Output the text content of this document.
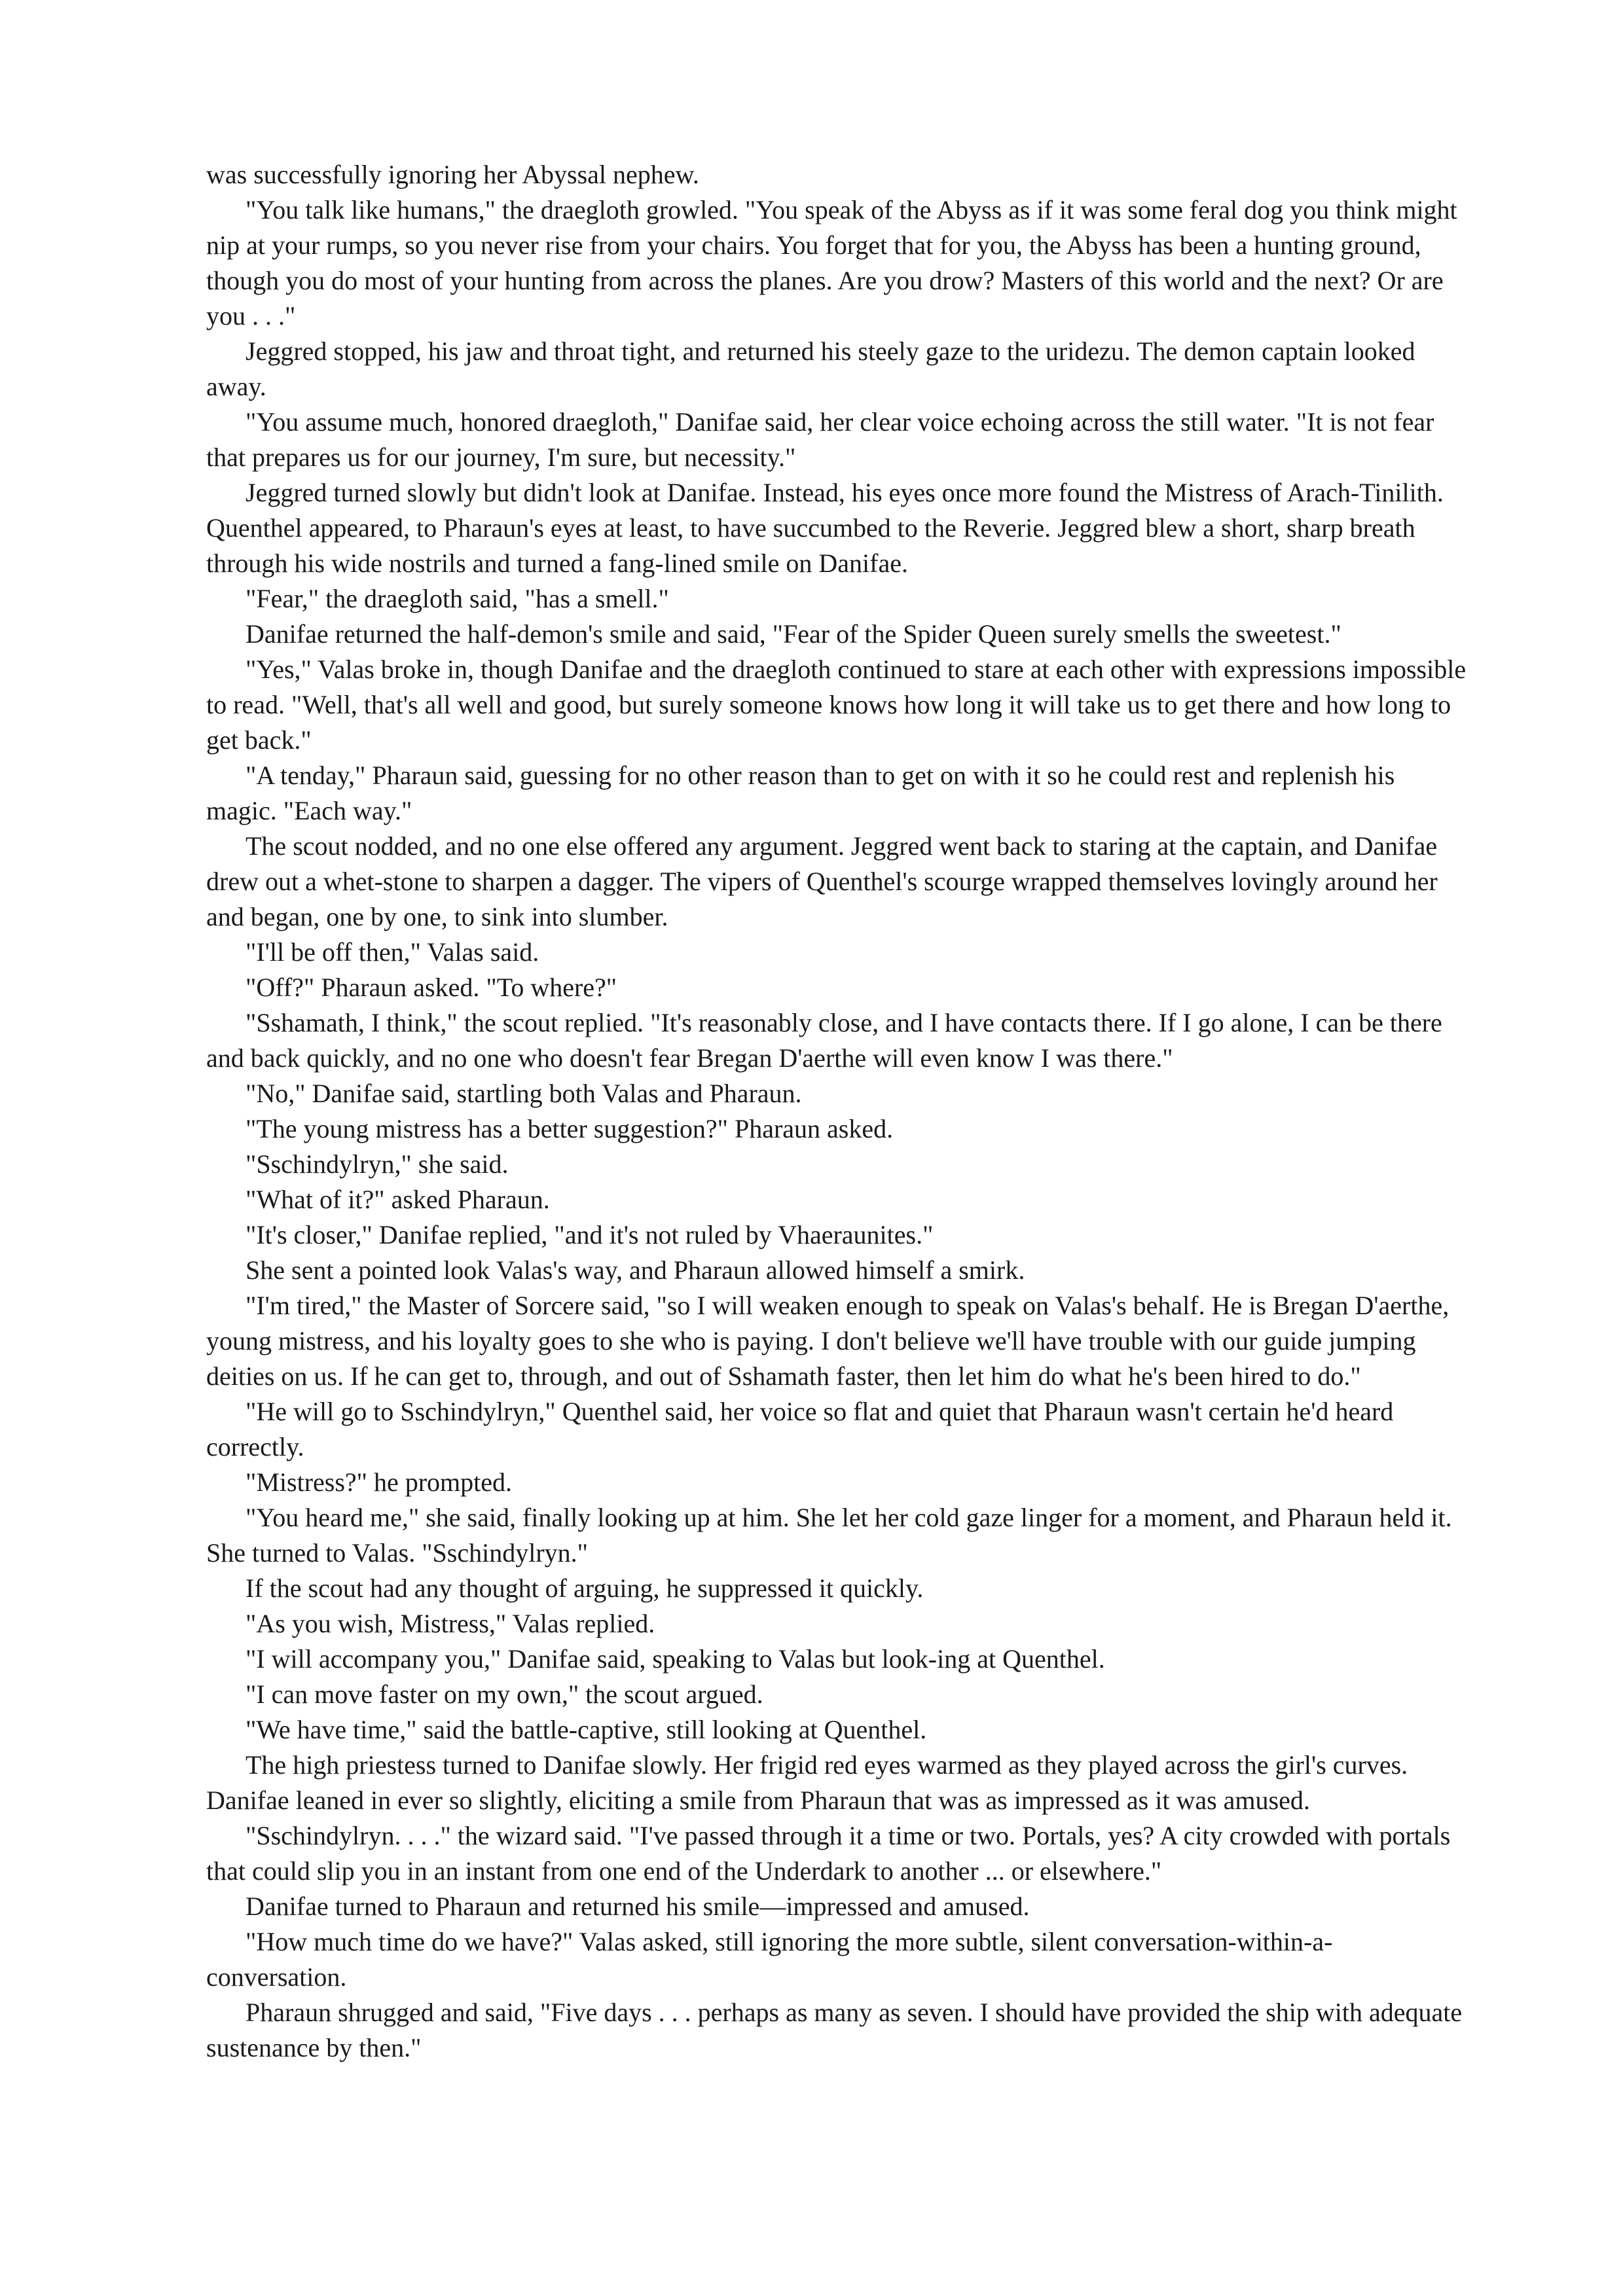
was successfully ignoring her Abyssal nephew.

"You talk like humans," the draegloth growled. "You speak of the Abyss as if it was some feral dog you think might nip at your rumps, so you never rise from your chairs. You forget that for you, the Abyss has been a hunting ground, though you do most of your hunting from across the planes. Are you drow? Masters of this world and the next? Or are you . . ."

Jeggred stopped, his jaw and throat tight, and returned his steely gaze to the uridezu. The demon captain looked away.

"You assume much, honored draegloth," Danifae said, her clear voice echoing across the still water. "It is not fear that prepares us for our journey, I'm sure, but necessity."

Jeggred turned slowly but didn't look at Danifae. Instead, his eyes once more found the Mistress of Arach-Tinilith. Quenthel appeared, to Pharaun's eyes at least, to have succumbed to the Reverie. Jeggred blew a short, sharp breath through his wide nostrils and turned a fang-lined smile on Danifae.

"Fear," the draegloth said, "has a smell."

Danifae returned the half-demon's smile and said, "Fear of the Spider Queen surely smells the sweetest."

"Yes," Valas broke in, though Danifae and the draegloth continued to stare at each other with expressions impossible to read. "Well, that's all well and good, but surely someone knows how long it will take us to get there and how long to get back."

"A tenday," Pharaun said, guessing for no other reason than to get on with it so he could rest and replenish his magic. "Each way."

The scout nodded, and no one else offered any argument. Jeggred went back to staring at the captain, and Danifae drew out a whet-stone to sharpen a dagger. The vipers of Quenthel's scourge wrapped themselves lovingly around her and began, one by one, to sink into slumber.

"I'll be off then," Valas said.

"Off?" Pharaun asked. "To where?"

"Sshamath, I think," the scout replied. "It's reasonably close, and I have contacts there. If I go alone, I can be there and back quickly, and no one who doesn't fear Bregan D'aerthe will even know I was there."

"No," Danifae said, startling both Valas and Pharaun.

"The young mistress has a better suggestion?" Pharaun asked.

"Sschindylryn," she said.

"What of it?" asked Pharaun.

"It's closer," Danifae replied, "and it's not ruled by Vhaeraunites."

She sent a pointed look Valas's way, and Pharaun allowed himself a smirk.

"I'm tired," the Master of Sorcere said, "so I will weaken enough to speak on Valas's behalf. He is Bregan D'aerthe, young mistress, and his loyalty goes to she who is paying. I don't believe we'll have trouble with our guide jumping deities on us. If he can get to, through, and out of Sshamath faster, then let him do what he's been hired to do."

"He will go to Sschindylryn," Quenthel said, her voice so flat and quiet that Pharaun wasn't certain he'd heard correctly.

"Mistress?" he prompted.

"You heard me," she said, finally looking up at him. She let her cold gaze linger for a moment, and Pharaun held it. She turned to Valas. "Sschindylryn."

If the scout had any thought of arguing, he suppressed it quickly.

"As you wish, Mistress," Valas replied.

"I will accompany you," Danifae said, speaking to Valas but look-ing at Quenthel.

"I can move faster on my own," the scout argued.

"We have time," said the battle-captive, still looking at Quenthel.

The high priestess turned to Danifae slowly. Her frigid red eyes warmed as they played across the girl's curves. Danifae leaned in ever so slightly, eliciting a smile from Pharaun that was as impressed as it was amused.

"Sschindylryn. . . ." the wizard said. "I've passed through it a time or two. Portals, yes? A city crowded with portals that could slip you in an instant from one end of the Underdark to another ... or elsewhere."

Danifae turned to Pharaun and returned his smile—impressed and amused.

"How much time do we have?" Valas asked, still ignoring the more subtle, silent conversation-within-a-conversation.

Pharaun shrugged and said, "Five days . . . perhaps as many as seven. I should have provided the ship with adequate sustenance by then."
